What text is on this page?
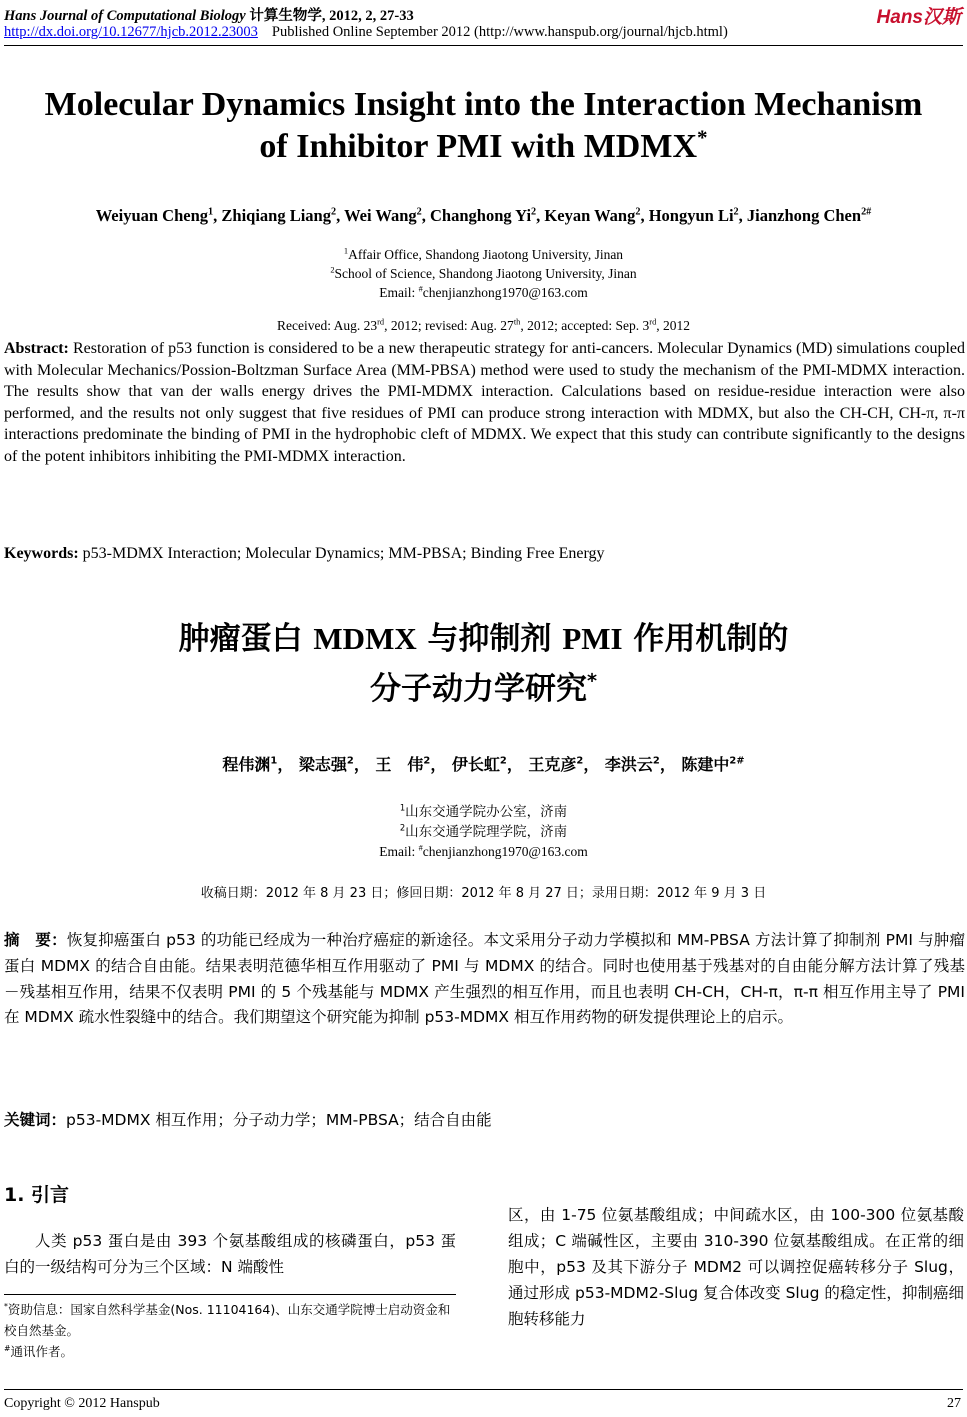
Hans Journal of Computational Biology 计算生物学, 2012, 2, 27-33	Hans汉斯
http://dx.doi.org/10.12677/hjcb.2012.23003 Published Online September 2012 (http://www.hanspub.org/journal/hjcb.html)
Molecular Dynamics Insight into the Interaction Mechanism
of Inhibitor PMI with MDMX*
Weiyuan Cheng$^1$, Zhiqiang Liang$^2$, Wei Wang$^2$, Changhong Yi$^2$, Keyan Wang$^2$, Hongyun Li$^2$, Jianzhong Chen$^{2\#}$
$^1$Affair Office, Shandong Jiaotong University, Jinan
$^2$School of Science, Shandong Jiaotong University, Jinan
Email: #chenjianzhong1970@163.com
Received: Aug. 23rd, 2012; revised: Aug. 27th, 2012; accepted: Sep. 3rd, 2012
Abstract: Restoration of p53 function is considered to be a new therapeutic strategy for anti-cancers. Molecular Dynamics (MD) simulations coupled with Molecular Mechanics/Possion-Boltzman Surface Area (MM-PBSA) method were used to study the mechanism of the PMI-MDMX interaction. The results show that van der walls energy drives the PMI-MDMX interaction. Calculations based on residue-residue interaction were also performed, and the results not only suggest that five residues of PMI can produce strong interaction with MDMX, but also the CH-CH, CH-π, π-π interactions predominate the binding of PMI in the hydrophobic cleft of MDMX. We expect that this study can contribute significantly to the designs of the potent inhibitors inhibiting the PMI-MDMX interaction.
Keywords: p53-MDMX Interaction; Molecular Dynamics; MM-PBSA; Binding Free Energy
肿瘤蛋白 MDMX 与抑制剂 PMI 作用机制的
分子动力学研究*
程伟渊$^1$， 梁志强$^2$， 王　伟$^2$， 伊长虹$^2$， 王克彦$^2$， 李洪云$^2$， 陈建中$^{2\#}$
$^1$山东交通学院办公室，济南
$^2$山东交通学院理学院，济南
Email: #chenjianzhong1970@163.com
收稿日期：2012 年 8 月 23 日；修回日期：2012 年 8 月 27 日；录用日期：2012 年 9 月 3 日
摘　要：恢复抑癌蛋白 p53 的功能已经成为一种治疗癌症的新途径。本文采用分子动力学模拟和 MM-PBSA 方法计算了抑制剂 PMI 与肿瘤蛋白 MDMX 的结合自由能。结果表明范德华相互作用驱动了 PMI 与 MDMX 的结合。同时也使用基于残基对的自由能分解方法计算了残基－残基相互作用，结果不仅表明 PMI 的 5 个残基能与 MDMX 产生强烈的相互作用，而且也表明 CH-CH，CH-π，π-π 相互作用主导了 PMI 在 MDMX 疏水性裂缝中的结合。我们期望这个研究能为抑制 p53-MDMX 相互作用药物的研发提供理论上的启示。
关键词：p53-MDMX 相互作用；分子动力学；MM-PBSA；结合自由能
1. 引言
人类 p53 蛋白是由 393 个氨基酸组成的核磷蛋白，p53 蛋白的一级结构可分为三个区域：N 端酸性
区，由 1-75 位氨基酸组成；中间疏水区，由 100-300 位氨基酸组成；C 端碱性区，主要由 310-390 位氨基酸组成。在正常的细胞中，p53 及其下游分子 MDM2 可以调控促癌转移分子 Slug，通过形成 p53-MDM2-Slug 复合体改变 Slug 的稳定性，抑制癌细胞转移能力
*资助信息：国家自然科学基金(Nos. 11104164)、山东交通学院博士启动资金和校自然基金。
#通讯作者。
Copyright © 2012 Hanspub	27
